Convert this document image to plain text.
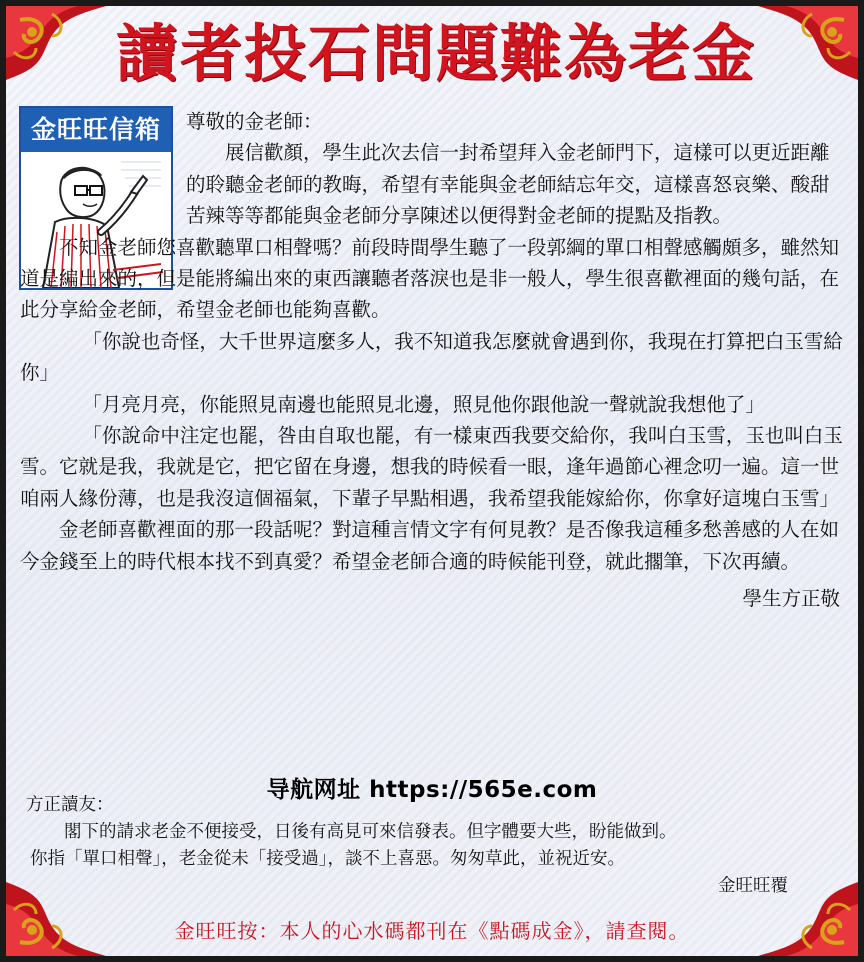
讀者投石問題難為老金
金旺旺信箱	尊敬的金老師：

展信歡顏，學生此次去信一封希望拜入金老師門下，這樣可以更近距離的聆聽金老師的教晦，希望有幸能與金老師結忘年交，這樣喜怒哀樂、酸甜苦辣等等都能與金老師分享陳述以便得對金老師的提點及指教。

不知金老師您喜歡聽單口相聲嗎？前段時間學生聽了一段郭綱的單口相聲感觸頗多，雖然知道是編出來的，但是能將編出來的東西讓聽者落淚也是非一般人，學生很喜歡裡面的幾句話，在此分享給金老師，希望金老師也能夠喜歡。

「你說也奇怪，大千世界這麼多人，我不知道我怎麼就會遇到你，我現在打算把白玉雪給你」

「月亮月亮，你能照見南邊也能照見北邊，照見他你跟他說一聲就說我想他了」

「你說命中注定也罷，咎由自取也罷，有一樣東西我要交給你，我叫白玉雪，玉也叫白玉雪。它就是我，我就是它，把它留在身邊，想我的時候看一眼，逢年過節心裡念叨一遍。這一世咱兩人緣份薄，也是我沒這個福氣，下輩子早點相遇，我希望我能嫁給你，你拿好這塊白玉雪」

金老師喜歡裡面的那一段話呢？對這種言情文字有何見教？是否像我這種多愁善感的人在如今金錢至上的時代根本找不到真愛？希望金老師合適的時候能刊登，就此擱筆，下次再續。

學生方正敬

导航网址 https://565e.com

方正讀友：

閣下的請求老金不便接受，日後有高見可來信發表。但字體要大些，盼能做到。

你指「單口相聲」，老金從未「接受過」，談不上喜惡。匆匆草此，並祝近安。

金旺旺覆

金旺旺按：本人的心水碼都刊在《點碼成金》，請查閱。
